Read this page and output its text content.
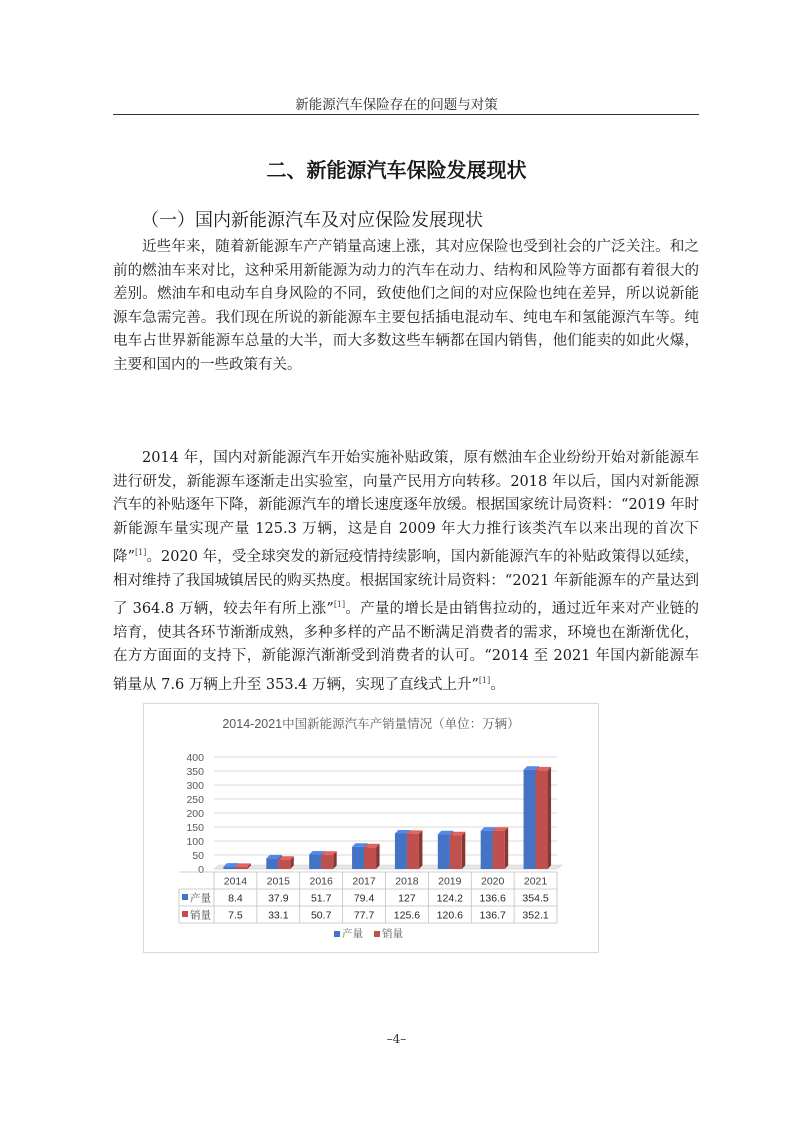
新能源汽车保险存在的问题与对策
二、新能源汽车保险发展现状
（一）国内新能源汽车及对应保险发展现状

近些年来，随着新能源车产产销量高速上涨，其对应保险也受到社会的广泛关注。和之前的燃油车来对比，这种采用新能源为动力的汽车在动力、结构和风险等方面都有着很大的差别。燃油车和电动车自身风险的不同，致使他们之间的对应保险也纯在差异，所以说新能源车急需完善。我们现在所说的新能源车主要包括插电混动车、纯电车和氢能源汽车等。纯电车占世界新能源车总量的大半，而大多数这些车辆都在国内销售，他们能卖的如此火爆，主要和国内的一些政策有关。

2014 年，国内对新能源汽车开始实施补贴政策，原有燃油车企业纷纷开始对新能源车进行研发，新能源车逐渐走出实验室，向量产民用方向转移。2018 年以后，国内对新能源汽车的补贴逐年下降，新能源汽车的增长速度逐年放缓。根据国家统计局资料：“2019 年时新能源车量实现产量 125.3 万辆，这是自 2009 年大力推行该类汽车以来出现的首次下降”[1]。2020 年，受全球突发的新冠疫情持续影响，国内新能源汽车的补贴政策得以延续，相对维持了我国城镇居民的购买热度。根据国家统计局资料：“2021 年新能源车的产量达到了 364.8 万辆，较去年有所上涨”[1]。产量的增长是由销售拉动的，通过近年来对产业链的培育，使其各环节渐渐成熟，多种多样的产品不断满足消费者的需求，环境也在渐渐优化，在方方面面的支持下，新能源汽渐渐受到消费者的认可。“2014 至 2021 年国内新能源车销量从 7.6 万辆上升至 353.4 万辆，实现了直线式上升”[1]。

2014-2021中国新能源汽车产销量情况（单位：万辆）
0
50
100
150
200
250
300
350
400
2014 2015 2016 2017 2018 2019 2020 2021
产量 8.4 37.9 51.7 79.4 127 124.2 136.6 354.5
销量 7.5 33.1 50.7 77.7 125.6 120.6 136.7 352.1
产量 销量
–4–
